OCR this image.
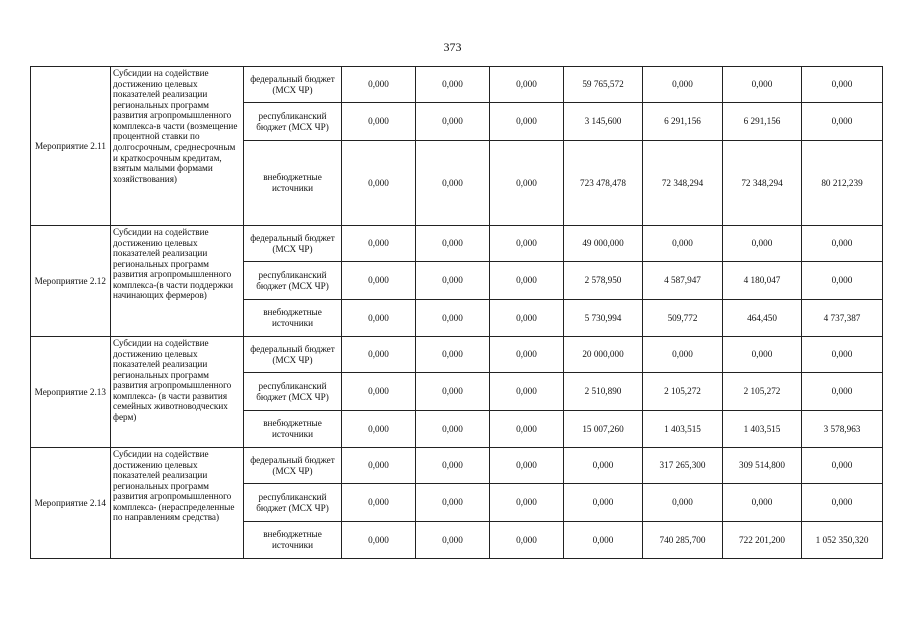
373
Мероприятие 2.11	Субсидии на содействие достижению целевых показателей реализации региональных программ развития агропромышленного комплекса-в части (возмещение процентной ставки по долгосрочным, среднесрочным и краткосрочным кредитам, взятым малыми формами хозяйствования)	федеральный бюджет (МСХ ЧР)	0,000	0,000	0,000	59 765,572	0,000	0,000	0,000
		республиканский бюджет (МСХ ЧР)	0,000	0,000	0,000	3 145,600	6 291,156	6 291,156	0,000
		внебюджетные источники	0,000	0,000	0,000	723 478,478	72 348,294	72 348,294	80 212,239
Мероприятие 2.12	Субсидии на содействие достижению целевых показателей реализации региональных программ развития агропромышленного комплекса-(в части поддержки начинающих фермеров)	федеральный бюджет (МСХ ЧР)	0,000	0,000	0,000	49 000,000	0,000	0,000	0,000
		республиканский бюджет (МСХ ЧР)	0,000	0,000	0,000	2 578,950	4 587,947	4 180,047	0,000
		внебюджетные источники	0,000	0,000	0,000	5 730,994	509,772	464,450	4 737,387
Мероприятие 2.13	Субсидии на содействие достижению целевых показателей реализации региональных программ развития агропромышленного комплекса- (в части развития семейных животноводческих ферм)	федеральный бюджет (МСХ ЧР)	0,000	0,000	0,000	20 000,000	0,000	0,000	0,000
		республиканский бюджет (МСХ ЧР)	0,000	0,000	0,000	2 510,890	2 105,272	2 105,272	0,000
		внебюджетные источники	0,000	0,000	0,000	15 007,260	1 403,515	1 403,515	3 578,963
Мероприятие 2.14	Субсидии на содействие достижению целевых показателей реализации региональных программ развития агропромышленного комплекса- (нераспределенные по направлениям средства)	федеральный бюджет (МСХ ЧР)	0,000	0,000	0,000	0,000	317 265,300	309 514,800	0,000
		республиканский бюджет (МСХ ЧР)	0,000	0,000	0,000	0,000	0,000	0,000	0,000
		внебюджетные источники	0,000	0,000	0,000	0,000	740 285,700	722 201,200	1 052 350,320
